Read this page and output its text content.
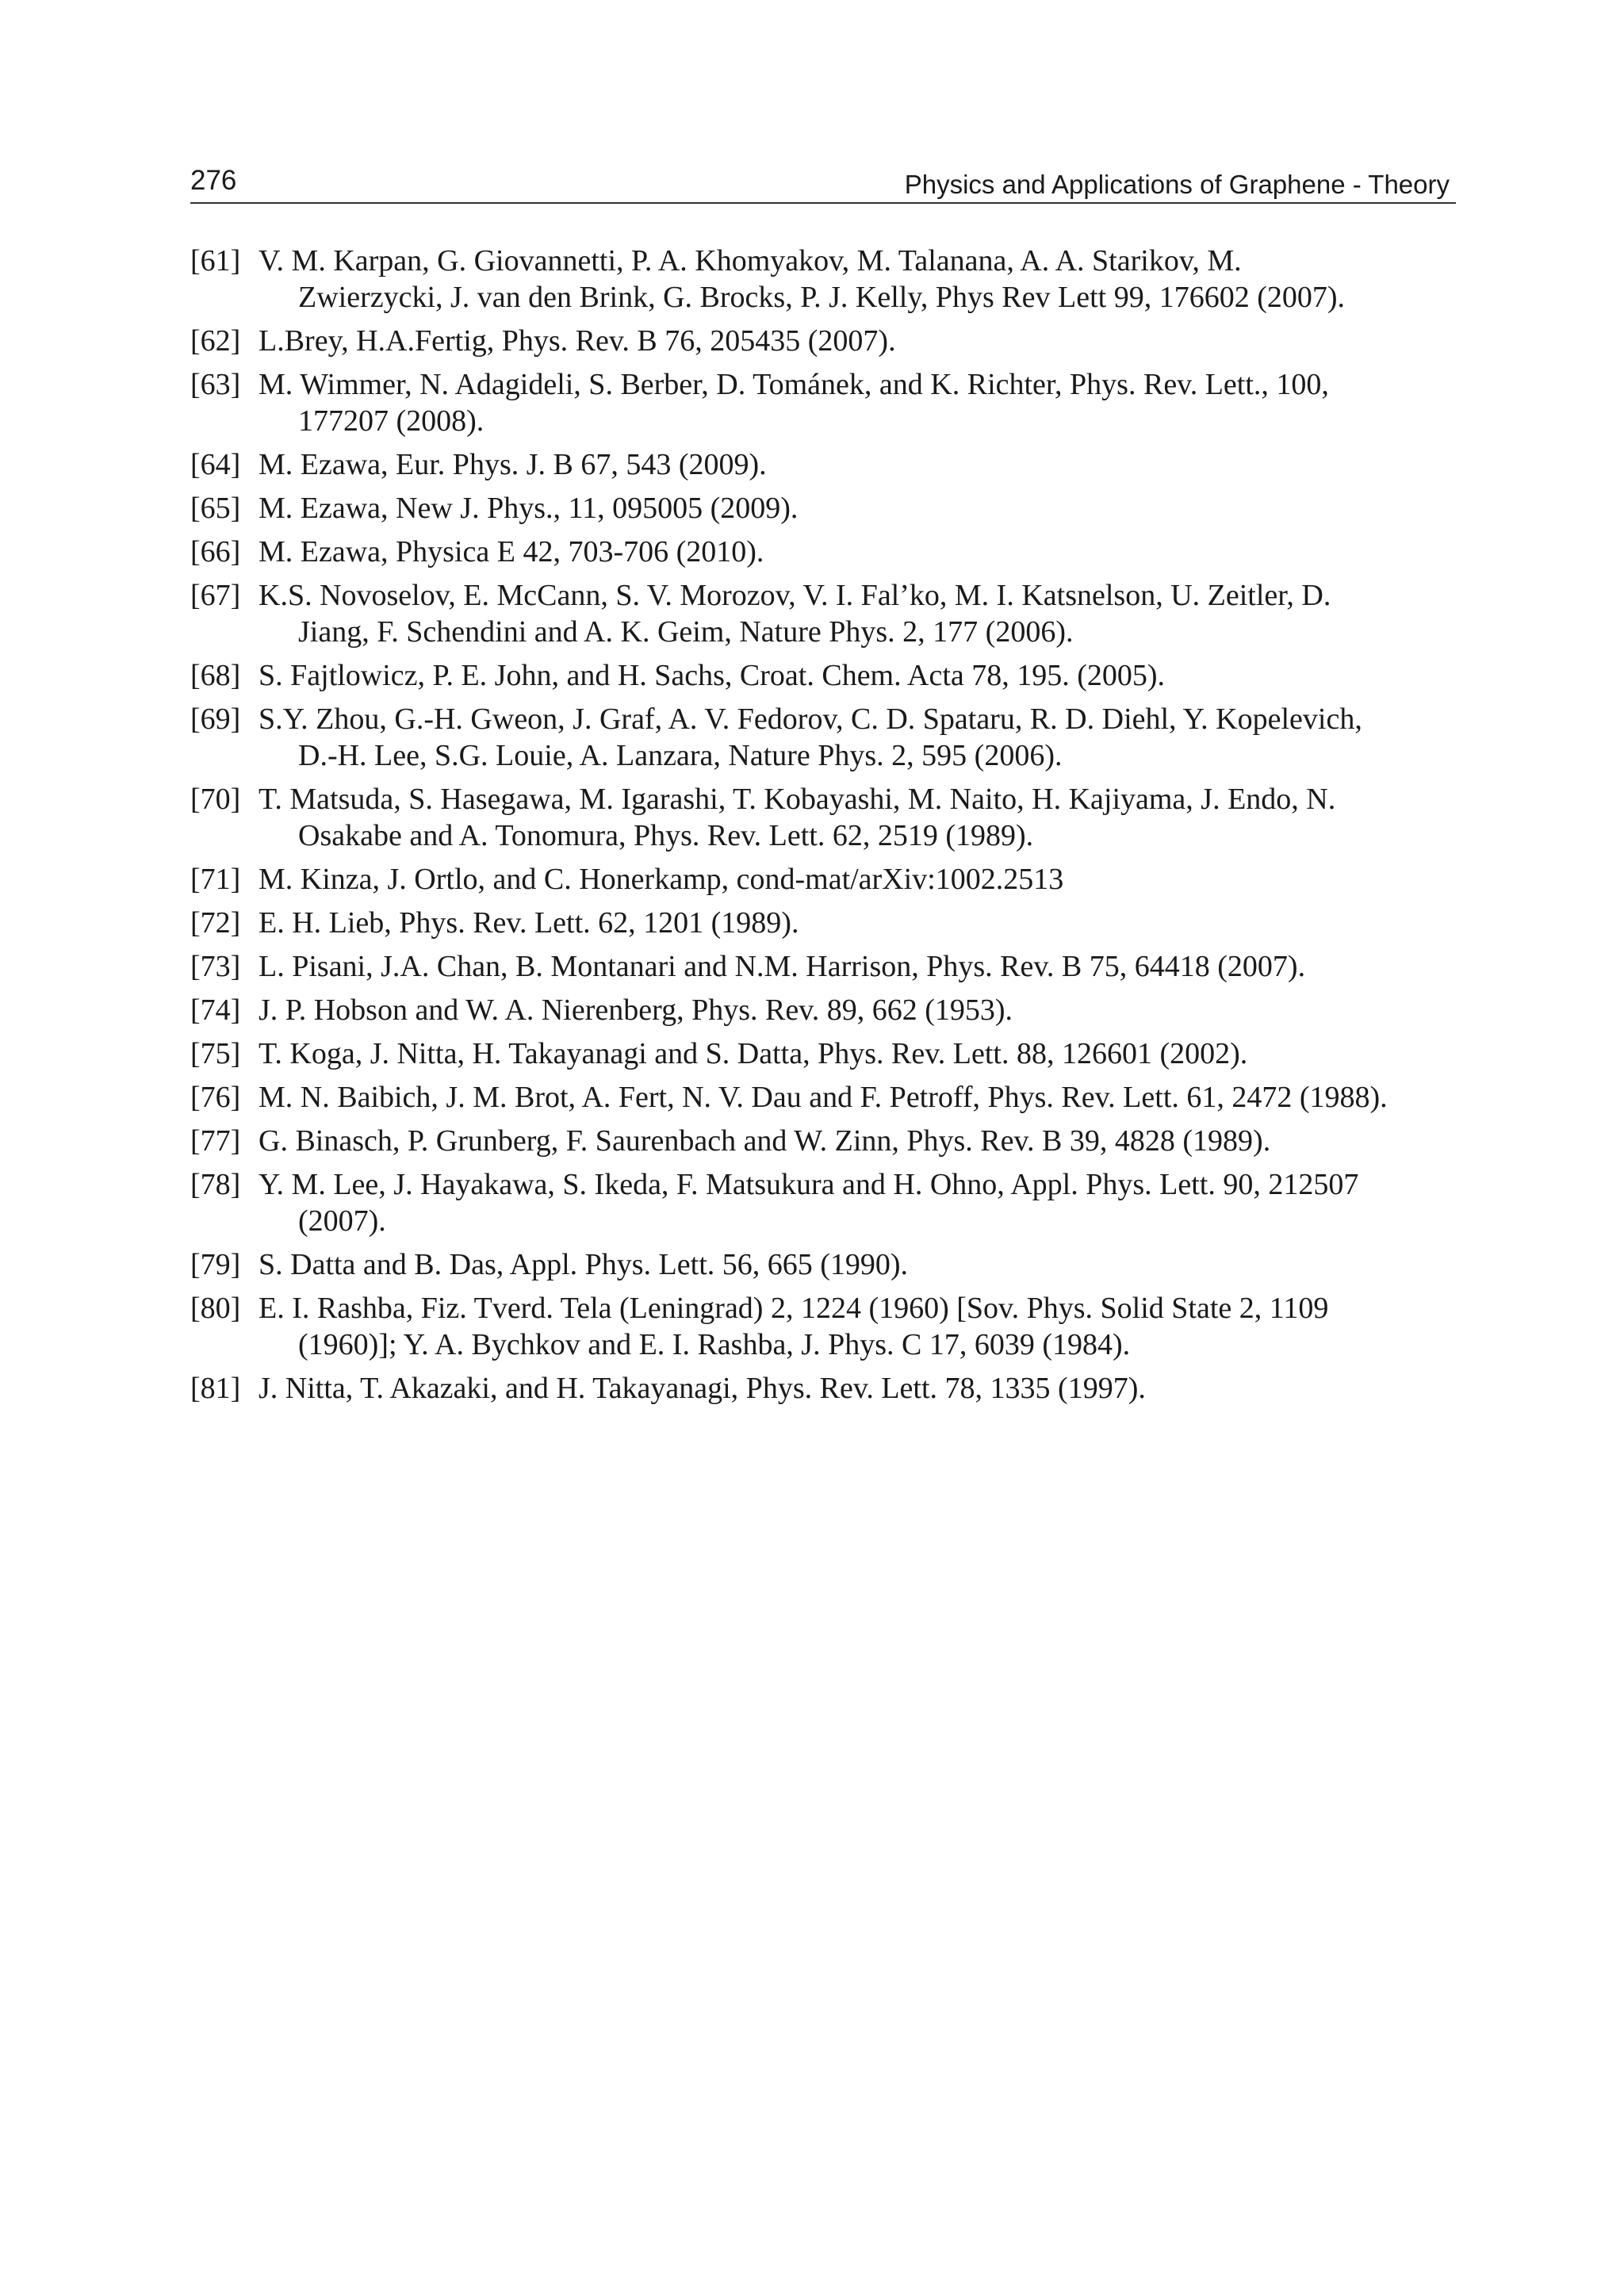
276	Physics and Applications of Graphene - Theory
[61] V. M. Karpan, G. Giovannetti, P. A. Khomyakov, M. Talanana, A. A. Starikov, M.
Zwierzycki, J. van den Brink, G. Brocks, P. J. Kelly, Phys Rev Lett 99, 176602 (2007).
[62] L.Brey, H.A.Fertig, Phys. Rev. B 76, 205435 (2007).
[63] M. Wimmer, N. Adagideli, S. Berber, D. Tománek, and K. Richter, Phys. Rev. Lett., 100,
177207 (2008).
[64] M. Ezawa, Eur. Phys. J. B 67, 543 (2009).
[65] M. Ezawa, New J. Phys., 11, 095005 (2009).
[66] M. Ezawa, Physica E 42, 703-706 (2010).
[67] K.S. Novoselov, E. McCann, S. V. Morozov, V. I. Fal’ko, M. I. Katsnelson, U. Zeitler, D.
Jiang, F. Schendini and A. K. Geim, Nature Phys. 2, 177 (2006).
[68] S. Fajtlowicz, P. E. John, and H. Sachs, Croat. Chem. Acta 78, 195. (2005).
[69] S.Y. Zhou, G.-H. Gweon, J. Graf, A. V. Fedorov, C. D. Spataru, R. D. Diehl, Y. Kopelevich,
D.-H. Lee, S.G. Louie, A. Lanzara, Nature Phys. 2, 595 (2006).
[70] T. Matsuda, S. Hasegawa, M. Igarashi, T. Kobayashi, M. Naito, H. Kajiyama, J. Endo, N.
Osakabe and A. Tonomura, Phys. Rev. Lett. 62, 2519 (1989).
[71] M. Kinza, J. Ortlo, and C. Honerkamp, cond-mat/arXiv:1002.2513
[72] E. H. Lieb, Phys. Rev. Lett. 62, 1201 (1989).
[73] L. Pisani, J.A. Chan, B. Montanari and N.M. Harrison, Phys. Rev. B 75, 64418 (2007).
[74] J. P. Hobson and W. A. Nierenberg, Phys. Rev. 89, 662 (1953).
[75] T. Koga, J. Nitta, H. Takayanagi and S. Datta, Phys. Rev. Lett. 88, 126601 (2002).
[76] M. N. Baibich, J. M. Brot, A. Fert, N. V. Dau and F. Petroff, Phys. Rev. Lett. 61, 2472 (1988).
[77] G. Binasch, P. Grunberg, F. Saurenbach and W. Zinn, Phys. Rev. B 39, 4828 (1989).
[78] Y. M. Lee, J. Hayakawa, S. Ikeda, F. Matsukura and H. Ohno, Appl. Phys. Lett. 90, 212507
(2007).
[79] S. Datta and B. Das, Appl. Phys. Lett. 56, 665 (1990).
[80] E. I. Rashba, Fiz. Tverd. Tela (Leningrad) 2, 1224 (1960) [Sov. Phys. Solid State 2, 1109
(1960)]; Y. A. Bychkov and E. I. Rashba, J. Phys. C 17, 6039 (1984).
[81] J. Nitta, T. Akazaki, and H. Takayanagi, Phys. Rev. Lett. 78, 1335 (1997).
